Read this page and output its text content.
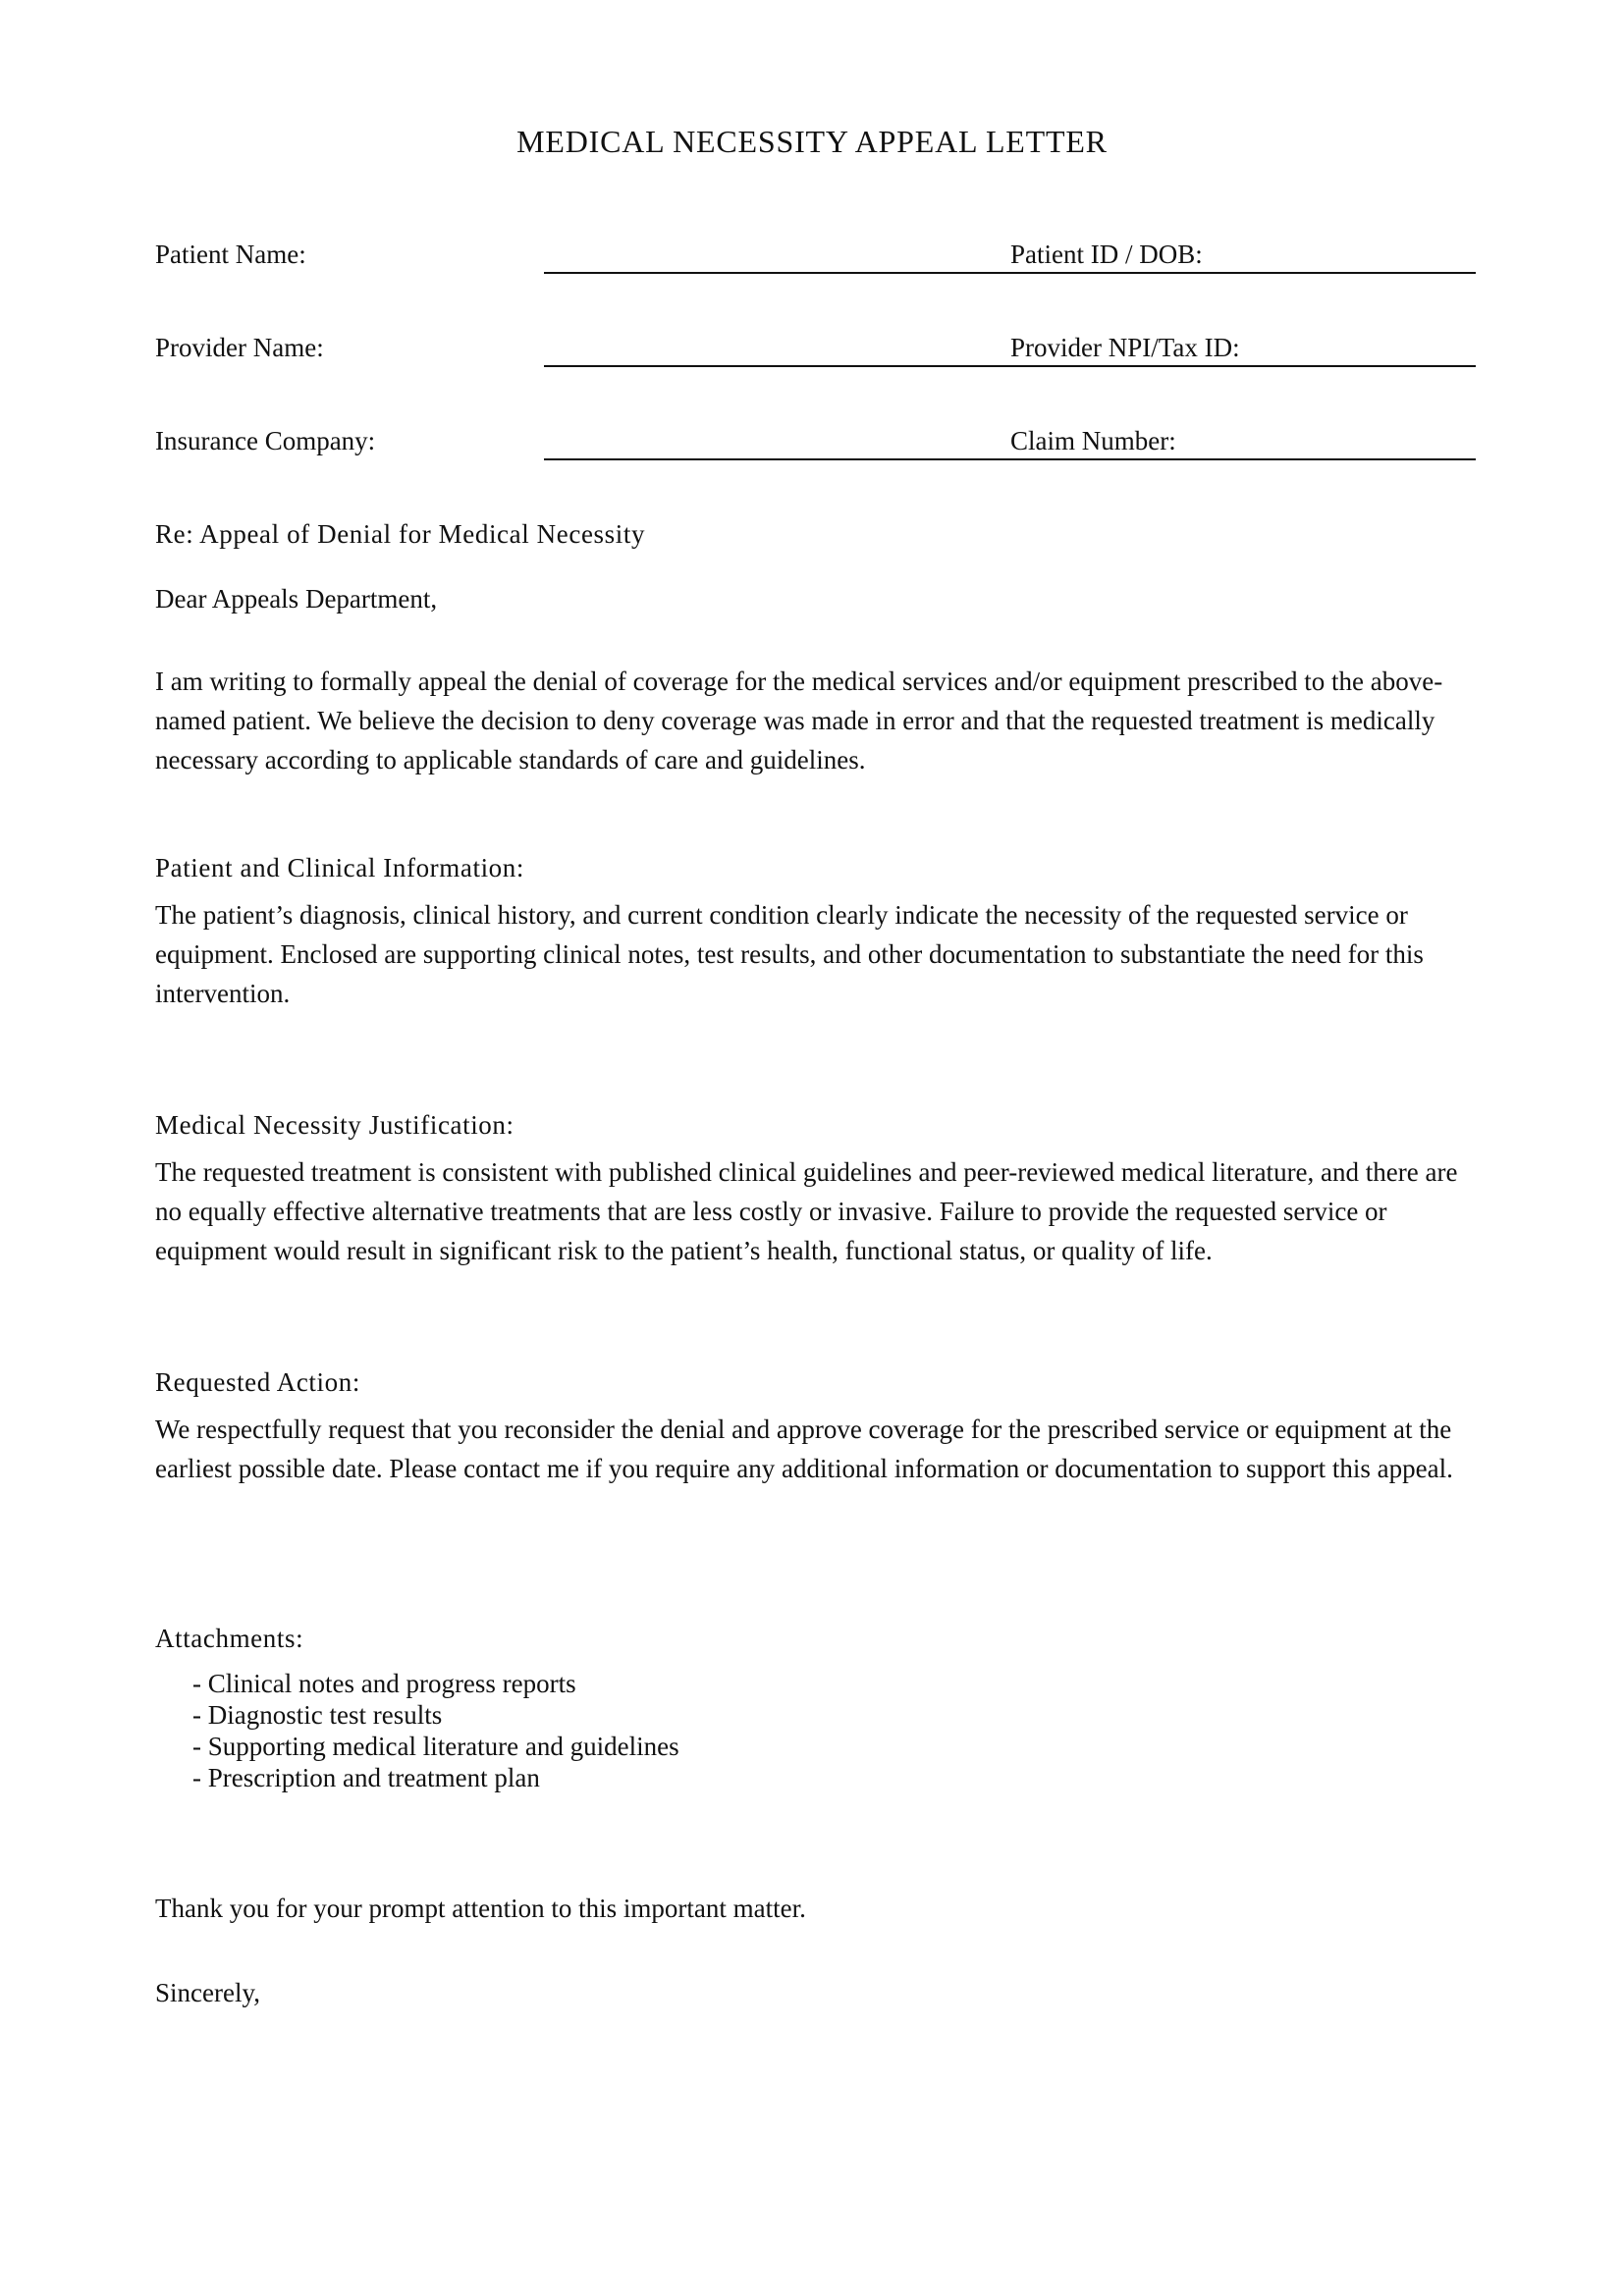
MEDICAL NECESSITY APPEAL LETTER
Patient Name:	Patient ID / DOB:
Provider Name:	Provider NPI/Tax ID:
Insurance Company:	Claim Number:
Re: Appeal of Denial for Medical Necessity
Dear Appeals Department,
I am writing to formally appeal the denial of coverage for the medical services and/or equipment prescribed to the above-named patient. We believe the decision to deny coverage was made in error and that the requested treatment is medically necessary according to applicable standards of care and guidelines.
Patient and Clinical Information:
The patient’s diagnosis, clinical history, and current condition clearly indicate the necessity of the requested service or equipment. Enclosed are supporting clinical notes, test results, and other documentation to substantiate the need for this intervention.
Medical Necessity Justification:
The requested treatment is consistent with published clinical guidelines and peer-reviewed medical literature, and there are no equally effective alternative treatments that are less costly or invasive. Failure to provide the requested service or equipment would result in significant risk to the patient’s health, functional status, or quality of life.
Requested Action:
We respectfully request that you reconsider the denial and approve coverage for the prescribed service or equipment at the earliest possible date. Please contact me if you require any additional information or documentation to support this appeal.
Attachments:
- Clinical notes and progress reports
- Diagnostic test results
- Supporting medical literature and guidelines
- Prescription and treatment plan
Thank you for your prompt attention to this important matter.
Sincerely,
